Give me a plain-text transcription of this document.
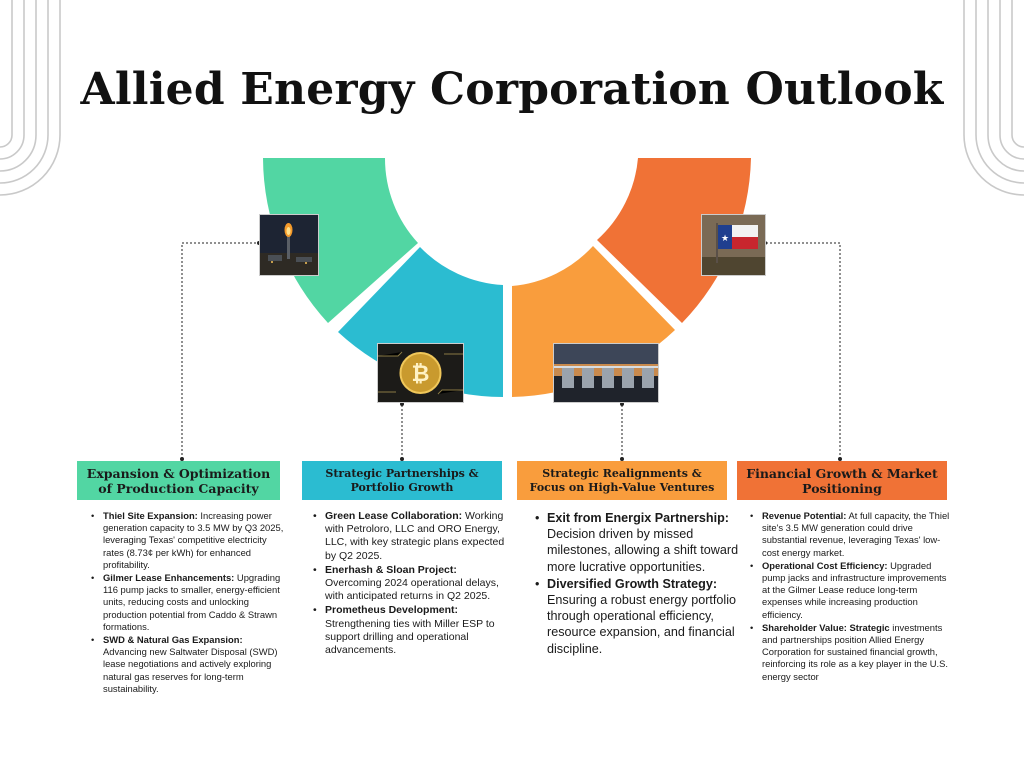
Allied Energy Corporation Outlook
₿
★
Expansion & Optimization of Production Capacity
Strategic Partnerships & Portfolio Growth
Strategic Realignments & Focus on High-Value Ventures
Financial Growth & Market Positioning
• Thiel Site Expansion: Increasing power generation capacity to 3.5 MW by Q3 2025, leveraging Texas' competitive electricity rates (8.73¢ per kWh) for enhanced profitability.
• Gilmer Lease Enhancements: Upgrading 116 pump jacks to smaller, energy-efficient units, reducing costs and unlocking production potential from Caddo & Strawn formations.
• SWD & Natural Gas Expansion: Advancing new Saltwater Disposal (SWD) lease negotiations and actively exploring natural gas reserves for long-term sustainability.
• Green Lease Collaboration: Working with Petroloro, LLC and ORO Energy, LLC, with key strategic plans expected by Q2 2025.
• Enerhash & Sloan Project: Overcoming 2024 operational delays, with anticipated returns in Q2 2025.
• Prometheus Development: Strengthening ties with Miller ESP to support drilling and operational advancements.
• Exit from Energix Partnership: Decision driven by missed milestones, allowing a shift toward more lucrative opportunities.
• Diversified Growth Strategy: Ensuring a robust energy portfolio through operational efficiency, resource expansion, and financial discipline.
• Revenue Potential: At full capacity, the Thiel site's 3.5 MW generation could drive substantial revenue, leveraging Texas' low-cost energy market.
• Operational Cost Efficiency: Upgraded pump jacks and infrastructure improvements at the Gilmer Lease reduce long-term expenses while increasing production efficiency.
• Shareholder Value: Strategic investments and partnerships position Allied Energy Corporation for sustained financial growth, reinforcing its role as a key player in the U.S. energy sector
